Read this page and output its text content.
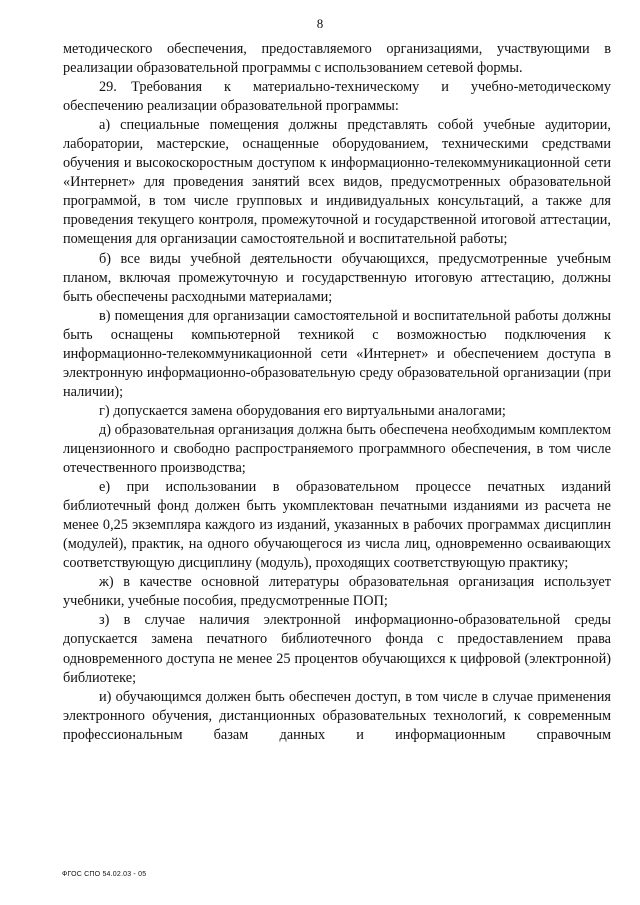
8

методического обеспечения, предоставляемого организациями, участвующими в реализации образовательной программы с использованием сетевой формы.

29. Требования к материально-техническому и учебно-методическому обеспечению реализации образовательной программы:

а) специальные помещения должны представлять собой учебные аудитории, лаборатории, мастерские, оснащенные оборудованием, техническими средствами обучения и высокоскоростным доступом к информационно-телекоммуникационной сети «Интернет» для проведения занятий всех видов, предусмотренных образовательной программой, в том числе групповых и индивидуальных консультаций, а также для проведения текущего контроля, промежуточной и государственной итоговой аттестации, помещения для организации самостоятельной и воспитательной работы;

б) все виды учебной деятельности обучающихся, предусмотренные учебным планом, включая промежуточную и государственную итоговую аттестацию, должны быть обеспечены расходными материалами;

в) помещения для организации самостоятельной и воспитательной работы должны быть оснащены компьютерной техникой с возможностью подключения к информационно-телекоммуникационной сети «Интернет» и обеспечением доступа в электронную информационно-образовательную среду образовательной организации (при наличии);

г) допускается замена оборудования его виртуальными аналогами;

д) образовательная организация должна быть обеспечена необходимым комплектом лицензионного и свободно распространяемого программного обеспечения, в том числе отечественного производства;

е) при использовании в образовательном процессе печатных изданий библиотечный фонд должен быть укомплектован печатными изданиями из расчета не менее 0,25 экземпляра каждого из изданий, указанных в рабочих программах дисциплин (модулей), практик, на одного обучающегося из числа лиц, одновременно осваивающих соответствующую дисциплину (модуль), проходящих соответствующую практику;

ж) в качестве основной литературы образовательная организация использует учебники, учебные пособия, предусмотренные ПОП;

з) в случае наличия электронной информационно-образовательной среды допускается замена печатного библиотечного фонда с предоставлением права одновременного доступа не менее 25 процентов обучающихся к цифровой (электронной) библиотеке;

и) обучающимся должен быть обеспечен доступ, в том числе в случае применения электронного обучения, дистанционных образовательных технологий, к современным профессиональным базам данных и информационным справочным

ФГОС СПО 54.02.03 - 05
